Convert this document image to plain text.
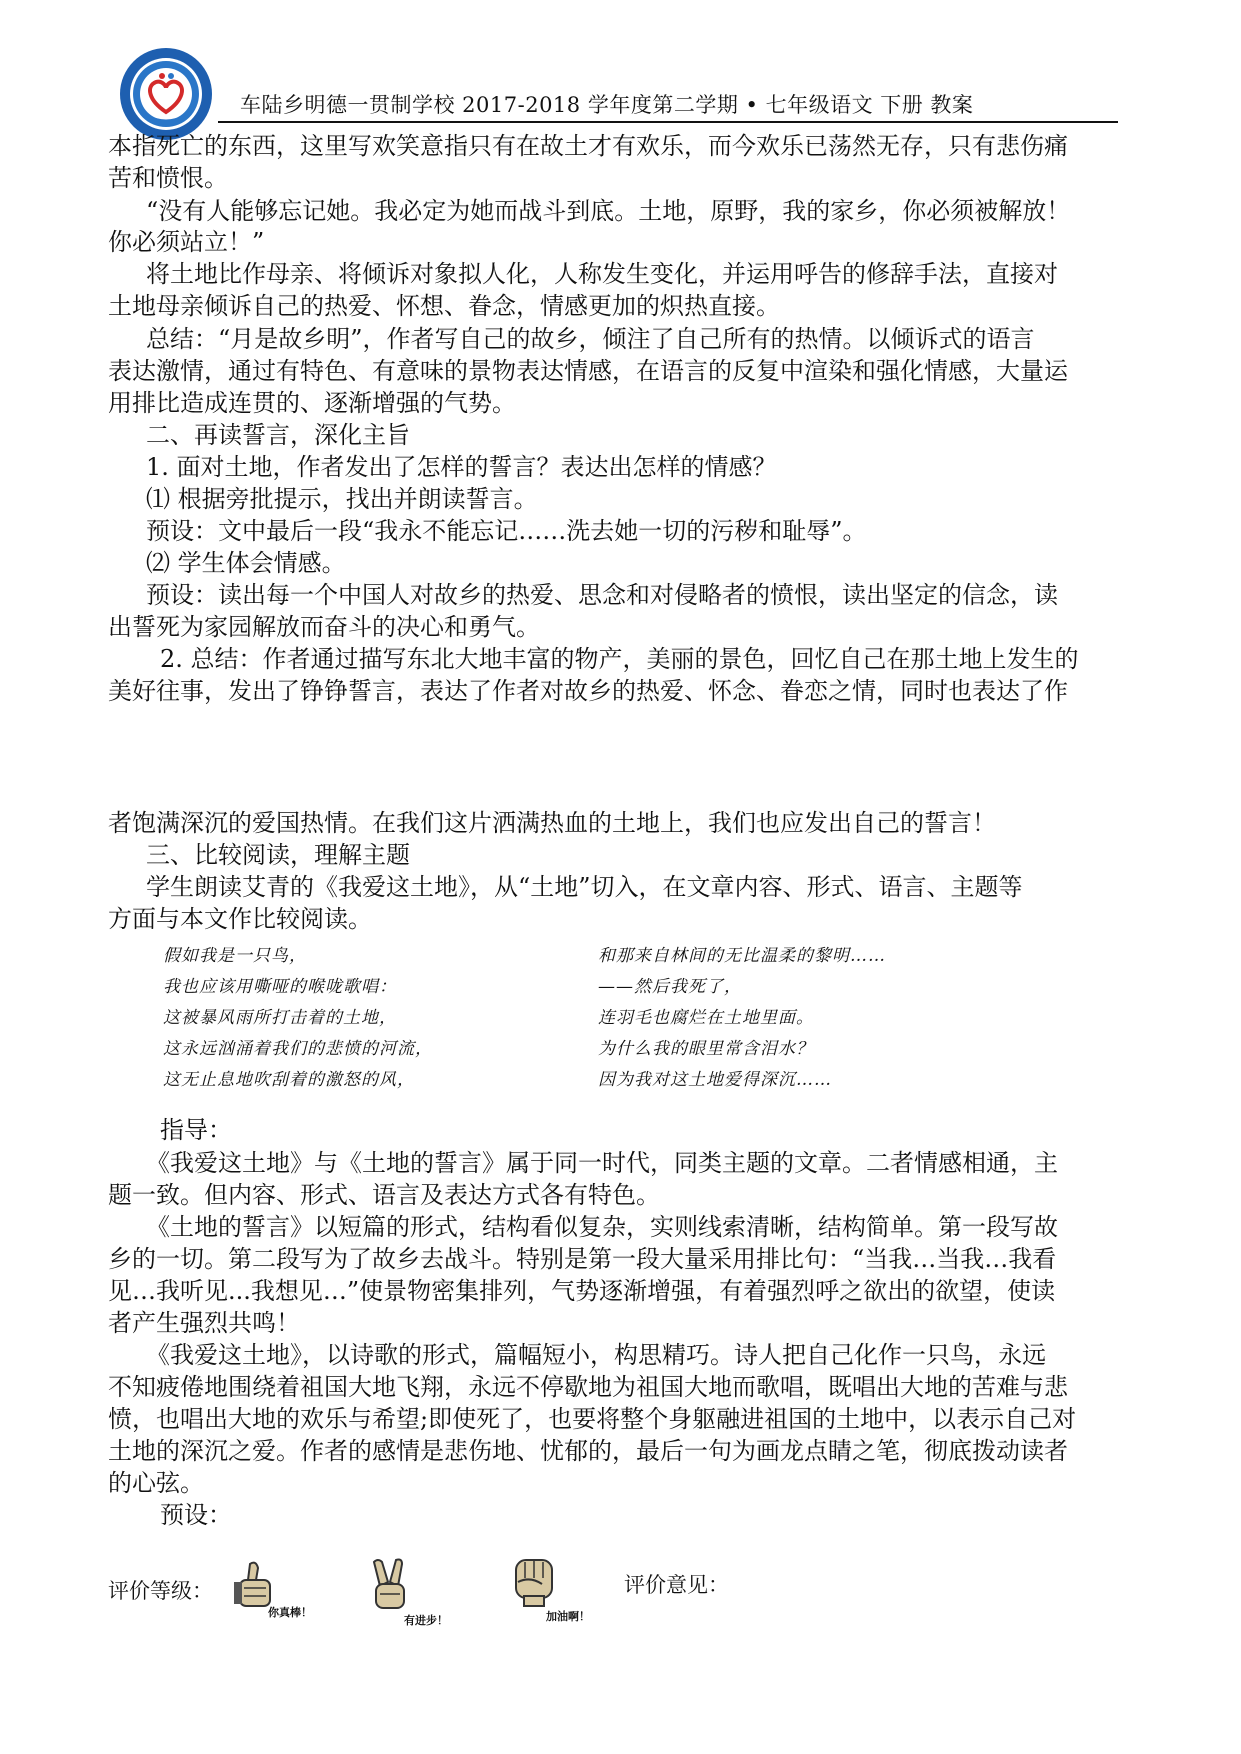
车陆乡明德一贯制学校 2017-2018 学年度第二学期 • 七年级语文 下册 教案
本指死亡的东西，这里写欢笑意指只有在故土才有欢乐，而今欢乐已荡然无存，只有悲伤痛
苦和愤恨。
“没有人能够忘记她。我必定为她而战斗到底。土地，原野，我的家乡，你必须被解放！
你必须站立！”
将土地比作母亲、将倾诉对象拟人化，人称发生变化，并运用呼告的修辞手法，直接对
土地母亲倾诉自己的热爱、怀想、眷念，情感更加的炽热直接。
总结：“月是故乡明”，作者写自己的故乡，倾注了自己所有的热情。以倾诉式的语言
表达激情，通过有特色、有意味的景物表达情感，在语言的反复中渲染和强化情感，大量运
用排比造成连贯的、逐渐增强的气势。
二、再读誓言，深化主旨
1. 面对土地，作者发出了怎样的誓言？表达出怎样的情感？
⑴ 根据旁批提示，找出并朗读誓言。
预设：文中最后一段“我永不能忘记……洗去她一切的污秽和耻辱”。
⑵ 学生体会情感。
预设：读出每一个中国人对故乡的热爱、思念和对侵略者的愤恨，读出坚定的信念，读
出誓死为家园解放而奋斗的决心和勇气。
2. 总结：作者通过描写东北大地丰富的物产，美丽的景色，回忆自己在那土地上发生的
美好往事，发出了铮铮誓言，表达了作者对故乡的热爱、怀念、眷恋之情，同时也表达了作
者饱满深沉的爱国热情。在我们这片洒满热血的土地上，我们也应发出自己的誓言！
三、比较阅读，理解主题
学生朗读艾青的《我爱这土地》，从“土地”切入，在文章内容、形式、语言、主题等
方面与本文作比较阅读。
假如我是一只鸟，
我也应该用嘶哑的喉咙歌唱：
这被暴风雨所打击着的土地，
这永远汹涌着我们的悲愤的河流，
这无止息地吹刮着的激怒的风，
和那来自林间的无比温柔的黎明……
——然后我死了，
连羽毛也腐烂在土地里面。
为什么我的眼里常含泪水？
因为我对这土地爱得深沉……
指导：
《我爱这土地》与《土地的誓言》属于同一时代，同类主题的文章。二者情感相通，主
题一致。但内容、形式、语言及表达方式各有特色。
《土地的誓言》以短篇的形式，结构看似复杂，实则线索清晰，结构简单。第一段写故
乡的一切。第二段写为了故乡去战斗。特别是第一段大量采用排比句：“当我…当我…我看
见…我听见...我想见…”使景物密集排列，气势逐渐增强，有着强烈呼之欲出的欲望，使读
者产生强烈共鸣！
《我爱这土地》，以诗歌的形式，篇幅短小，构思精巧。诗人把自己化作一只鸟，永远
不知疲倦地围绕着祖国大地飞翔，永远不停歇地为祖国大地而歌唱，既唱出大地的苦难与悲
愤，也唱出大地的欢乐与希望;即使死了，也要将整个身躯融进祖国的土地中，以表示自己对
土地的深沉之爱。作者的感情是悲伤地、忧郁的，最后一句为画龙点睛之笔，彻底拨动读者
的心弦。
预设：
评价等级：
你真棒！
有进步！	加油啊！
评价意见：
